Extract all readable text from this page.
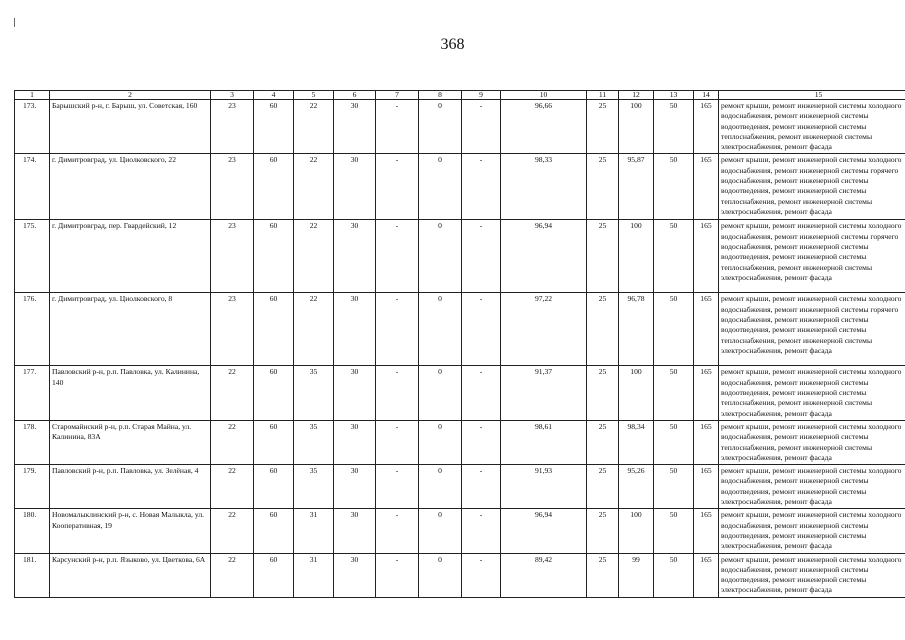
368
1	2	3	4	5	6	7	8	9	10	11	12	13	14	15
173.	Барышский р-н, г. Барыш, ул. Советская, 160	23	60	22	30	-	0	-	96,66	25	100	50	165	ремонт крыши, ремонт инженерной системы холодного водоснабжения, ремонт инженерной системы водоотведения, ремонт инженерной системы теплоснабжения, ремонт инженерной системы электроснабжения, ремонт фасада
174.	г. Димитровград, ул. Циолковского, 22	23	60	22	30	-	0	-	98,33	25	95,87	50	165	ремонт крыши, ремонт инженерной системы холодного водоснабжения, ремонт инженерной системы горячего водоснабжения, ремонт инженерной системы водоотведения, ремонт инженерной системы теплоснабжения, ремонт инженерной системы электроснабжения, ремонт фасада
175.	г. Димитровград, пер. Гвардейский, 12	23	60	22	30	-	0	-	96,94	25	100	50	165	ремонт крыши, ремонт инженерной системы холодного водоснабжения, ремонт инженерной системы горячего водоснабжения, ремонт инженерной системы водоотведения, ремонт инженерной системы теплоснабжения, ремонт инженерной системы электроснабжения, ремонт фасада
176.	г. Димитровград, ул. Циолковского, 8	23	60	22	30	-	0	-	97,22	25	96,78	50	165	ремонт крыши, ремонт инженерной системы холодного водоснабжения, ремонт инженерной системы горячего водоснабжения, ремонт инженерной системы водоотведения, ремонт инженерной системы теплоснабжения, ремонт инженерной системы электроснабжения, ремонт фасада
177.	Павловский р-н, р.п. Павловка, ул. Калинина, 140	22	60	35	30	-	0	-	91,37	25	100	50	165	ремонт крыши, ремонт инженерной системы холодного водоснабжения, ремонт инженерной системы водоотведения, ремонт инженерной системы теплоснабжения, ремонт инженерной системы электроснабжения, ремонт фасада
178.	Старомайнский р-н, р.п. Старая Майна, ул. Калинина, 83А	22	60	35	30	-	0	-	98,61	25	98,34	50	165	ремонт крыши, ремонт инженерной системы холодного водоснабжения, ремонт инженерной системы теплоснабжения, ремонт инженерной системы электроснабжения, ремонт фасада
179.	Павловский р-н, р.п. Павловка, ул. Зелёная, 4	22	60	35	30	-	0	-	91,93	25	95,26	50	165	ремонт крыши, ремонт инженерной системы холодного водоснабжения, ремонт инженерной системы водоотведения, ремонт инженерной системы электроснабжения, ремонт фасада
180.	Новомалыклинский р-н, с. Новая Малыкла, ул. Кооперативная, 19	22	60	31	30	-	0	-	96,94	25	100	50	165	ремонт крыши, ремонт инженерной системы холодного водоснабжения, ремонт инженерной системы водоотведения, ремонт инженерной системы электроснабжения, ремонт фасада
181.	Карсунский р-н, р.п. Языково, ул. Цветкова, 6А	22	60	31	30	-	0	-	89,42	25	99	50	165	ремонт крыши, ремонт инженерной системы холодного водоснабжения, ремонт инженерной системы водоотведения, ремонт инженерной системы электроснабжения, ремонт фасада
